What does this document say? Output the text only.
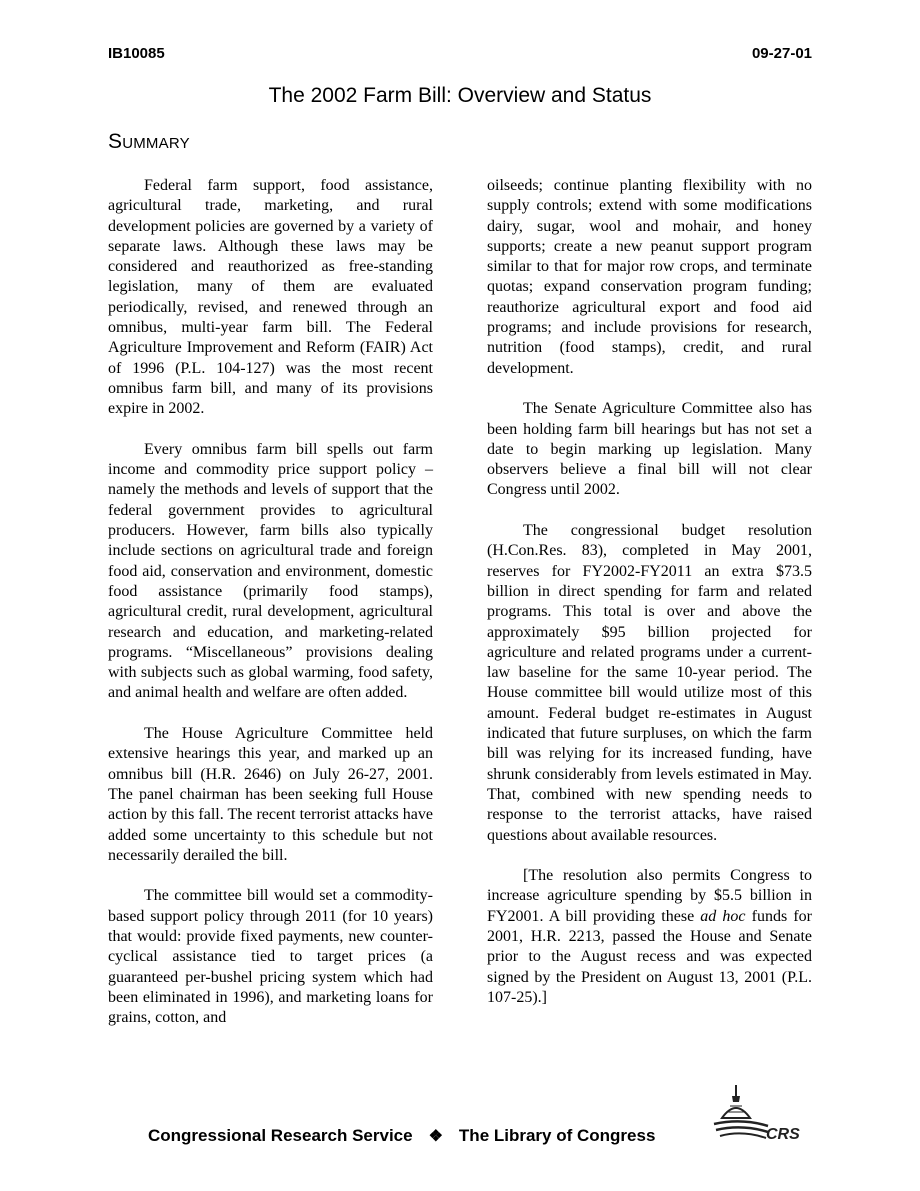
IB10085	09-27-01
The 2002 Farm Bill: Overview and Status
Summary

Federal farm support, food assistance, agricultural trade, marketing, and rural development policies are governed by a variety of separate laws. Although these laws may be considered and reauthorized as free-standing legislation, many of them are evaluated periodically, revised, and renewed through an omnibus, multi-year farm bill. The Federal Agriculture Improvement and Reform (FAIR) Act of 1996 (P.L. 104-127) was the most recent omnibus farm bill, and many of its provisions expire in 2002.

Every omnibus farm bill spells out farm income and commodity price support policy – namely the methods and levels of support that the federal government provides to agricultural producers. However, farm bills also typically include sections on agricultural trade and foreign food aid, conservation and environment, domestic food assistance (primarily food stamps), agricultural credit, rural development, agricultural research and education, and marketing-related programs. “Miscellaneous” provisions dealing with subjects such as global warming, food safety, and animal health and welfare are often added.

The House Agriculture Committee held extensive hearings this year, and marked up an omnibus bill (H.R. 2646) on July 26-27, 2001. The panel chairman has been seeking full House action by this fall. The recent terrorist attacks have added some uncertainty to this schedule but not necessarily derailed the bill.

The committee bill would set a commodity-based support policy through 2011 (for 10 years) that would: provide fixed payments, new counter-cyclical assistance tied to target prices (a guaranteed per-bushel pricing system which had been eliminated in 1996), and marketing loans for grains, cotton, and

oilseeds; continue planting flexibility with no supply controls; extend with some modifications dairy, sugar, wool and mohair, and honey supports; create a new peanut support program similar to that for major row crops, and terminate quotas; expand conservation program funding; reauthorize agricultural export and food aid programs; and include provisions for research, nutrition (food stamps), credit, and rural development.

The Senate Agriculture Committee also has been holding farm bill hearings but has not set a date to begin marking up legislation. Many observers believe a final bill will not clear Congress until 2002.

The congressional budget resolution (H.Con.Res. 83), completed in May 2001, reserves for FY2002-FY2011 an extra $73.5 billion in direct spending for farm and related programs. This total is over and above the approximately $95 billion projected for agriculture and related programs under a current-law baseline for the same 10-year period. The House committee bill would utilize most of this amount. Federal budget re-estimates in August indicated that future surpluses, on which the farm bill was relying for its increased funding, have shrunk considerably from levels estimated in May. That, combined with new spending needs to response to the terrorist attacks, have raised questions about available resources.

[The resolution also permits Congress to increase agriculture spending by $5.5 billion in FY2001. A bill providing these ad hoc funds for 2001, H.R. 2213, passed the House and Senate prior to the August recess and was expected signed by the President on August 13, 2001 (P.L. 107-25).]

Congressional Research Service ❖ The Library of Congress	CRS
